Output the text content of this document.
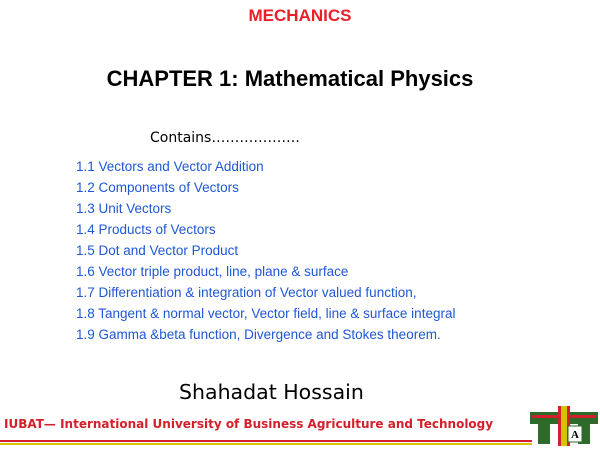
MECHANICS
CHAPTER 1: Mathematical Physics
Contains……………….
1.1 Vectors and Vector Addition
1.2 Components of Vectors
1.3 Unit Vectors
1.4 Products of Vectors
1.5 Dot and Vector Product
1.6 Vector triple product, line, plane & surface
1.7 Differentiation & integration of Vector valued function,
1.8 Tangent & normal vector, Vector field, line & surface integral
1.9 Gamma &beta function, Divergence and Stokes theorem.
Shahadat Hossain
IUBAT— International University of Business Agriculture and Technology
A
